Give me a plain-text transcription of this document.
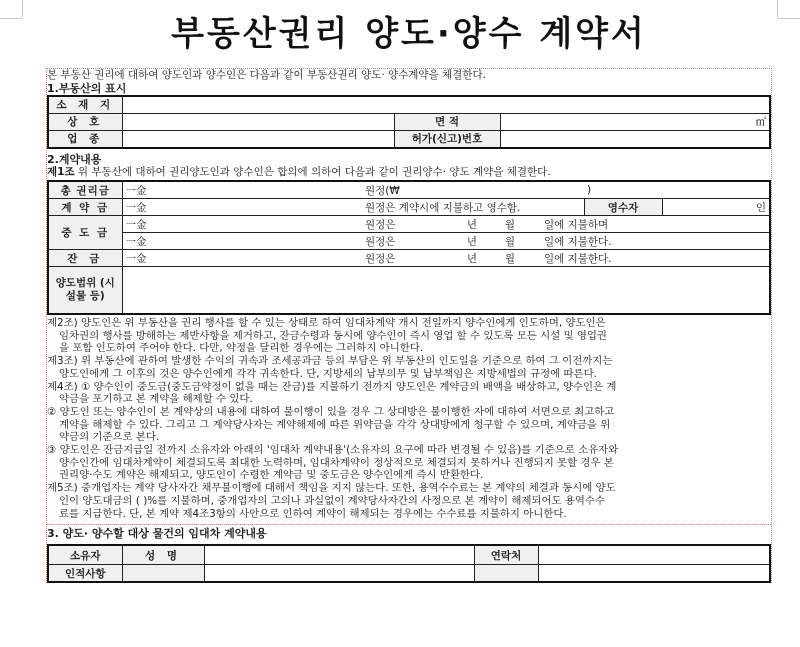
부동산권리 양도·양수 계약서
본 부동산 권리에 대하여 양도인과 양수인은 다음과 같이 부동산권리 양도· 양수계약을 체결한다.
1.부동산의 표시
소 재 지			
상 호		면 적	㎡
업 종		허가(신고)번호	
2.계약내용
제1조 위 부동산에 대하여 권리양도인과 양수인은 합의에 의하여 다음과 같이 권리양수· 양도 계약을 체결한다.
총 권리금	一金	원정(₩				)	
계 약 금	一金	원정은 계약시에 지불하고 영수함.				영수자	인
중 도 금	一金	원정은	년	월	일에 지불하며		
	一金	원정은	년	월	일에 지불한다.		
잔 금	一金	원정은	년	월	일에 지불한다.		
양도범위 (시설물 등)							
제2조) 양도인은 위 부동산을 권리 행사를 할 수 있는 상태로 하여 임대차계약 개시 전일까지 양수인에게 인도하며, 양도인은
임차권의 행사를 방해하는 제반사항을 제거하고, 잔금수령과 동시에 양수인이 즉시 영업 할 수 있도록 모든 시설 및 영업권
을 포함 인도하여 주어야 한다. 다만, 약정을 달리한 경우에는 그러하지 아니한다.
제3조) 위 부동산에 관하여 발생한 수익의 귀속과 조세공과금 등의 부담은 위 부동산의 인도일을 기준으로 하여 그 이전까지는
양도인에게 그 이후의 것은 양수인에게 각각 귀속한다. 단, 지방세의 납부의무 및 납부책임은 지방세법의 규정에 따른다.
제4조) ① 양수인이 중도금(중도금약정이 없을 때는 잔금)를 지불하기 전까지 양도인은 계약금의 배액을 배상하고, 양수인은 계
약금을 포기하고 본 계약을 해제할 수 있다.
② 양도인 또는 양수인이 본 계약상의 내용에 대하여 불이행이 있을 경우 그 상대방은 불이행한 자에 대하여 서면으로 최고하고
계약을 해제할 수 있다. 그리고 그 계약당사자는 계약해제에 따른 위약금을 각각 상대방에게 청구할 수 있으며, 계약금을 위
약금의 기준으로 본다.
③ 양도인은 잔금지급일 전까지 소유자와 아래의 '임대차 계약내용'(소유자의 요구에 따라 변경될 수 있음)를 기준으로 소유자와
양수인간에 임대차계약이 체결되도록 최대한 노력하며, 임대차계약이 정상적으로 체결되지 못하거나 진행되지 못할 경우 본
권리양·수도 계약은 해제되고, 양도인이 수령한 계약금 및 중도금은 양수인에게 즉시 반환한다.
제5조) 중개업자는 계약 당사자간 채무불이행에 대해서 책임을 지지 않는다. 또한, 용역수수료는 본 계약의 체결과 동시에 양도
인이 양도대금의 ( )%를 지불하며, 중개업자의 고의나 과실없이 계약당사자간의 사정으로 본 계약이 해제되어도 용역수수
료를 지급한다. 단, 본 계약 제4조3항의 사안으로 인하여 계약이 해제되는 경우에는 수수료를 지불하지 아니한다.
3. 양도· 양수할 대상 물건의 임대차 계약내용
소유자	성 명		연락처	
인적사항				
